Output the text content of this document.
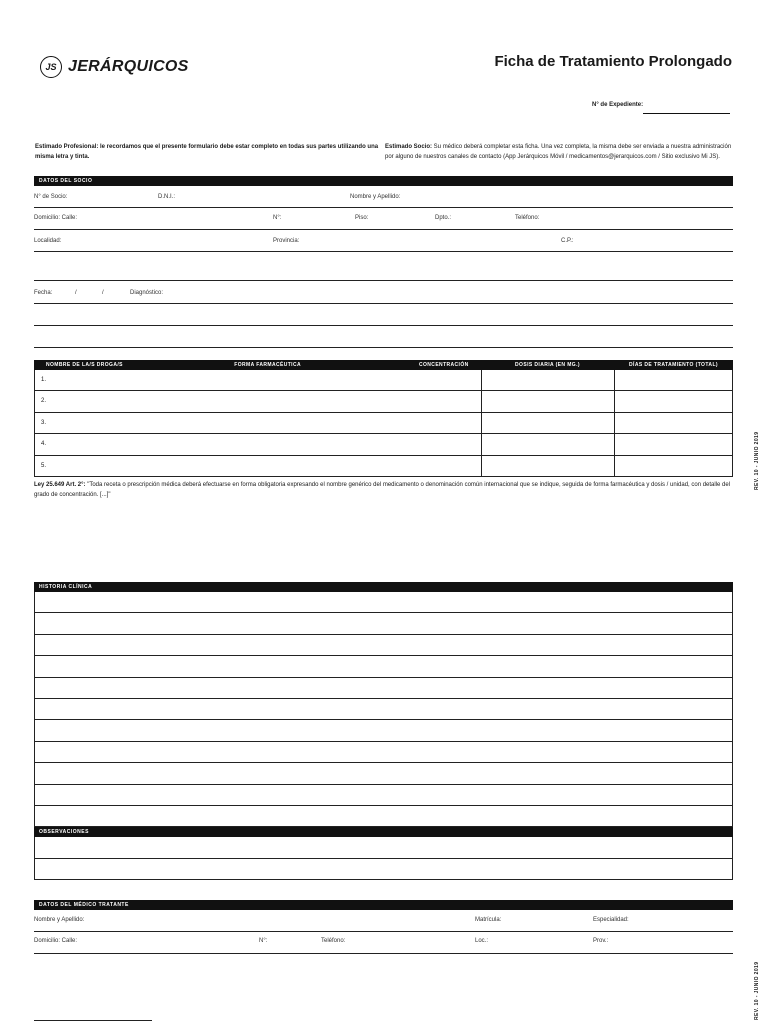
JS JERÁRQUICOS	Ficha de Tratamiento Prolongado
N° de Expediente:
Estimado Profesional: le recordamos que el presente formulario debe estar completo en todas sus partes utilizando una misma letra y tinta.
Estimado Socio: Su médico deberá completar esta ficha. Una vez completa, la misma debe ser enviada a nuestra administración por alguno de nuestros canales de contacto (App Jerárquicos Móvil / medicamentos@jerarquicos.com / Sitio exclusivo Mi JS).
DATOS DEL SOCIO
N° de Socio:	D.N.I.:	Nombre y Apellido:
Domicilio: Calle:	N°:	Piso:	Dpto.:	Teléfono:
Localidad:	Provincia:	C.P.:
Fecha:	/	/	Diagnóstico:
NOMBRE DE LA/S DROGA/S	FORMA FARMACÉUTICA	CONCENTRACIÓN	DOSIS DIARIA (EN MG.)	DÍAS DE TRATAMIENTO (TOTAL)
1.
2.
3.
4.
5.
Ley 25.649 Art. 2°: "Toda receta o prescripción médica deberá efectuarse en forma obligatoria expresando el nombre genérico del medicamento o denominación común internacional que se indique, seguida de forma farmacéutica y dosis / unidad, con detalle del grado de concentración. [...]"
HISTORIA CLÍNICA
OBSERVACIONES
DATOS DEL MÉDICO TRATANTE
Nombre y Apellido:	Matrícula:	Especialidad:
Domicilio: Calle:	N°:	Teléfono:	Loc.:	Prov.:
REV. 10 - JUNIO 2019
REV. 10 - JUNIO 2019
